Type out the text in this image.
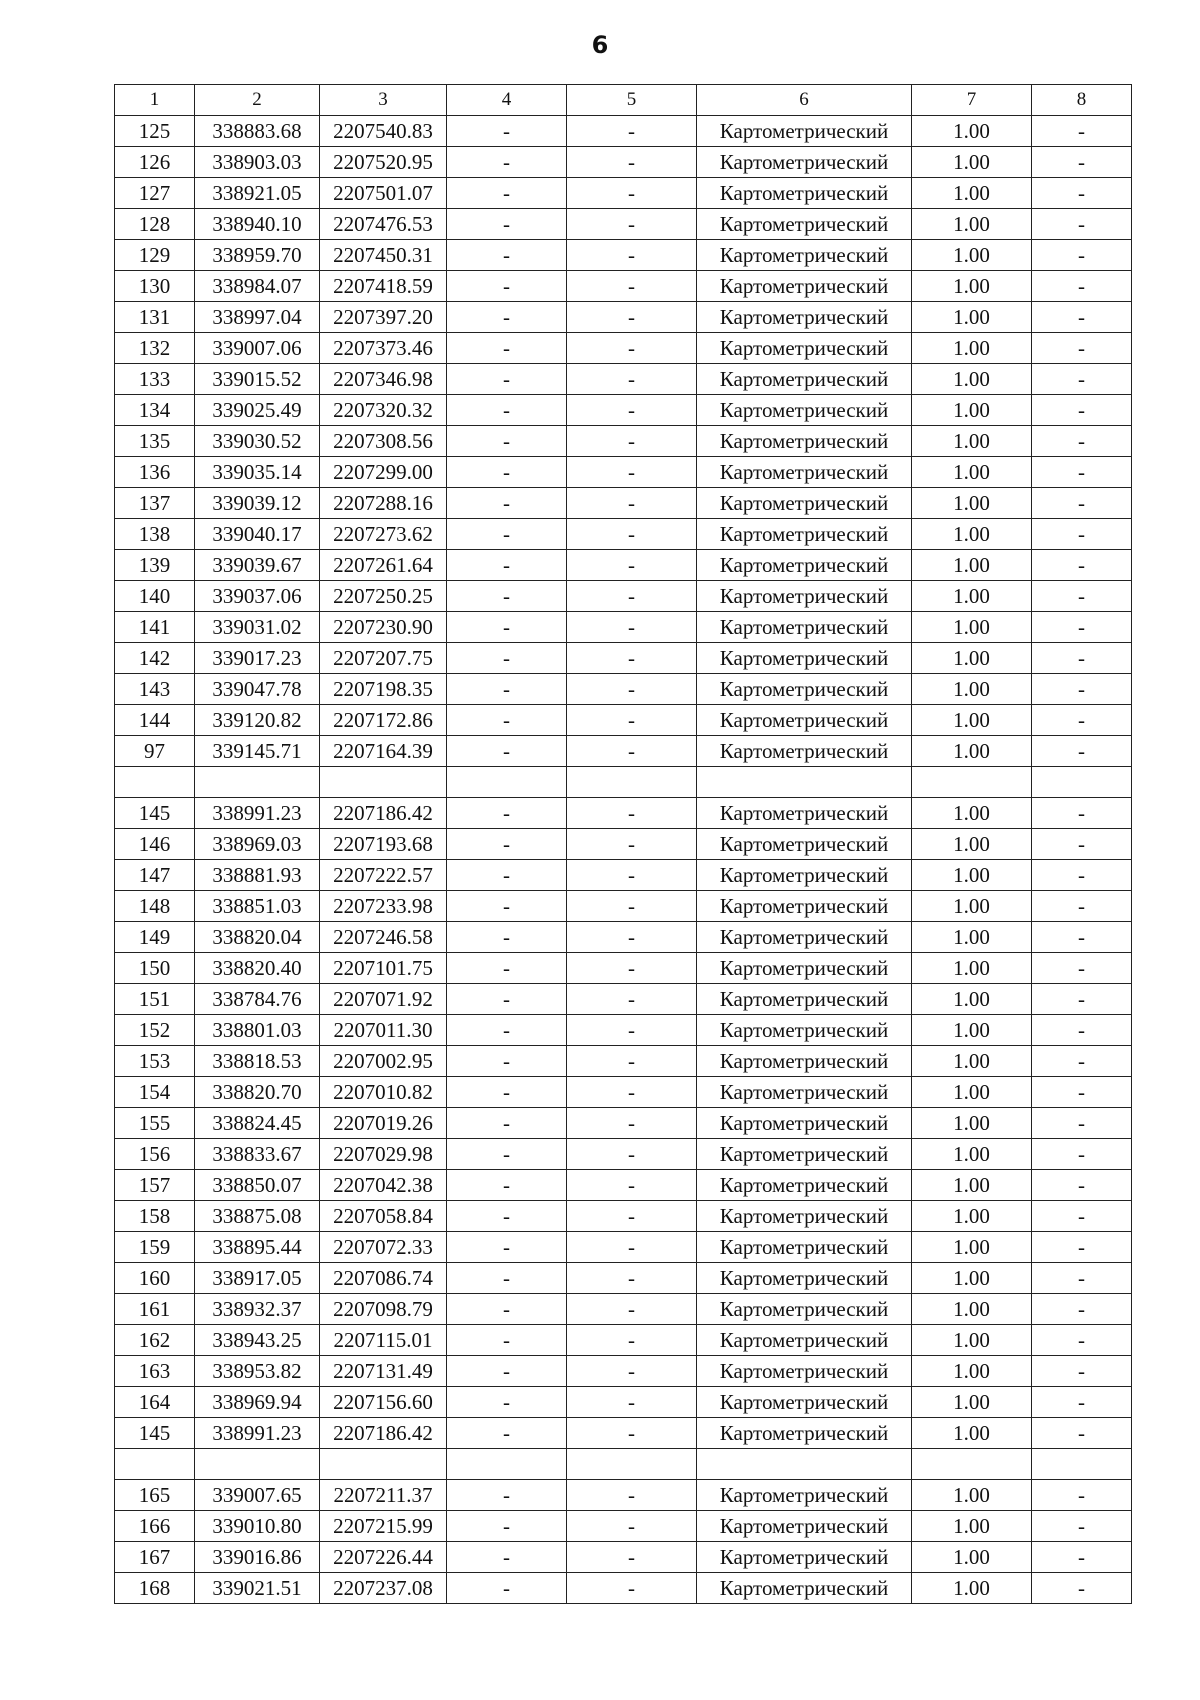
6
1	2	3	4	5	6	7	8
125	338883.68	2207540.83	-	-	Картометрический	1.00	-
126	338903.03	2207520.95	-	-	Картометрический	1.00	-
127	338921.05	2207501.07	-	-	Картометрический	1.00	-
128	338940.10	2207476.53	-	-	Картометрический	1.00	-
129	338959.70	2207450.31	-	-	Картометрический	1.00	-
130	338984.07	2207418.59	-	-	Картометрический	1.00	-
131	338997.04	2207397.20	-	-	Картометрический	1.00	-
132	339007.06	2207373.46	-	-	Картометрический	1.00	-
133	339015.52	2207346.98	-	-	Картометрический	1.00	-
134	339025.49	2207320.32	-	-	Картометрический	1.00	-
135	339030.52	2207308.56	-	-	Картометрический	1.00	-
136	339035.14	2207299.00	-	-	Картометрический	1.00	-
137	339039.12	2207288.16	-	-	Картометрический	1.00	-
138	339040.17	2207273.62	-	-	Картометрический	1.00	-
139	339039.67	2207261.64	-	-	Картометрический	1.00	-
140	339037.06	2207250.25	-	-	Картометрический	1.00	-
141	339031.02	2207230.90	-	-	Картометрический	1.00	-
142	339017.23	2207207.75	-	-	Картометрический	1.00	-
143	339047.78	2207198.35	-	-	Картометрический	1.00	-
144	339120.82	2207172.86	-	-	Картометрический	1.00	-
97	339145.71	2207164.39	-	-	Картометрический	1.00	-

145	338991.23	2207186.42	-	-	Картометрический	1.00	-
146	338969.03	2207193.68	-	-	Картометрический	1.00	-
147	338881.93	2207222.57	-	-	Картометрический	1.00	-
148	338851.03	2207233.98	-	-	Картометрический	1.00	-
149	338820.04	2207246.58	-	-	Картометрический	1.00	-
150	338820.40	2207101.75	-	-	Картометрический	1.00	-
151	338784.76	2207071.92	-	-	Картометрический	1.00	-
152	338801.03	2207011.30	-	-	Картометрический	1.00	-
153	338818.53	2207002.95	-	-	Картометрический	1.00	-
154	338820.70	2207010.82	-	-	Картометрический	1.00	-
155	338824.45	2207019.26	-	-	Картометрический	1.00	-
156	338833.67	2207029.98	-	-	Картометрический	1.00	-
157	338850.07	2207042.38	-	-	Картометрический	1.00	-
158	338875.08	2207058.84	-	-	Картометрический	1.00	-
159	338895.44	2207072.33	-	-	Картометрический	1.00	-
160	338917.05	2207086.74	-	-	Картометрический	1.00	-
161	338932.37	2207098.79	-	-	Картометрический	1.00	-
162	338943.25	2207115.01	-	-	Картометрический	1.00	-
163	338953.82	2207131.49	-	-	Картометрический	1.00	-
164	338969.94	2207156.60	-	-	Картометрический	1.00	-
145	338991.23	2207186.42	-	-	Картометрический	1.00	-

165	339007.65	2207211.37	-	-	Картометрический	1.00	-
166	339010.80	2207215.99	-	-	Картометрический	1.00	-
167	339016.86	2207226.44	-	-	Картометрический	1.00	-
168	339021.51	2207237.08	-	-	Картометрический	1.00	-
